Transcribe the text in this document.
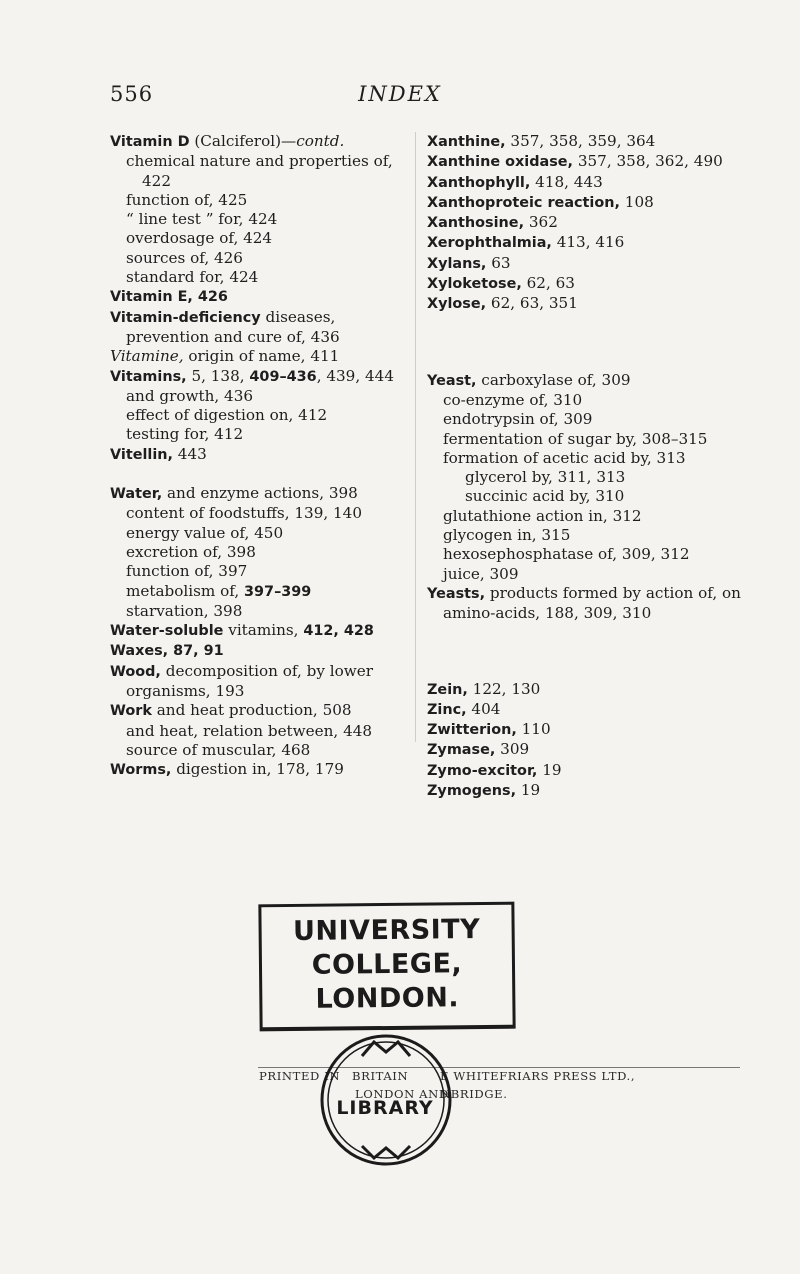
556	INDEX

Vitamin D (Calciferol)—contd.

chemical nature and properties of, 422

function of, 425

“ line test ” for, 424

overdosage of, 424

sources of, 426

standard for, 424

Vitamin E, 426

Vitamin-deficiency diseases, prevention and cure of, 436

Vitamine, origin of name, 411

Vitamins, 5, 138, 409–436, 439, 444

and growth, 436

effect of digestion on, 412

testing for, 412

Vitellin, 443

Water, and enzyme actions, 398

content of foodstuffs, 139, 140

energy value of, 450

excretion of, 398

function of, 397

metabolism of, 397–399

starvation, 398

Water-soluble vitamins, 412, 428

Waxes, 87, 91

Wood, decomposition of, by lower organisms, 193

Work and heat production, 508

and heat, relation between, 448

source of muscular, 468

Worms, digestion in, 178, 179

Xanthine, 357, 358, 359, 364

Xanthine oxidase, 357, 358, 362, 490

Xanthophyll, 418, 443

Xanthoproteic reaction, 108

Xanthosine, 362

Xerophthalmia, 413, 416

Xylans, 63

Xyloketose, 62, 63

Xylose, 62, 63, 351

Yeast, carboxylase of, 309

co-enzyme of, 310

endotrypsin of, 309

fermentation of sugar by, 308–315

formation of acetic acid by, 313

glycerol by, 311, 313

succinic acid by, 310

glutathione action in, 312

glycogen in, 315

hexosephosphatase of, 309, 312

juice, 309

Yeasts, products formed by action of, on amino-acids, 188, 309, 310

Zein, 122, 130

Zinc, 404

Zwitterion, 110

Zymase, 309

Zymo-excitor, 19

Zymogens, 19

UNIVERSITY
COLLEGE,
LONDON.
PRINTED IN BRITAIN	E WHITEFRIARS PRESS LTD.,
LONDON AND
NBRIDGE.
LIBRARY
